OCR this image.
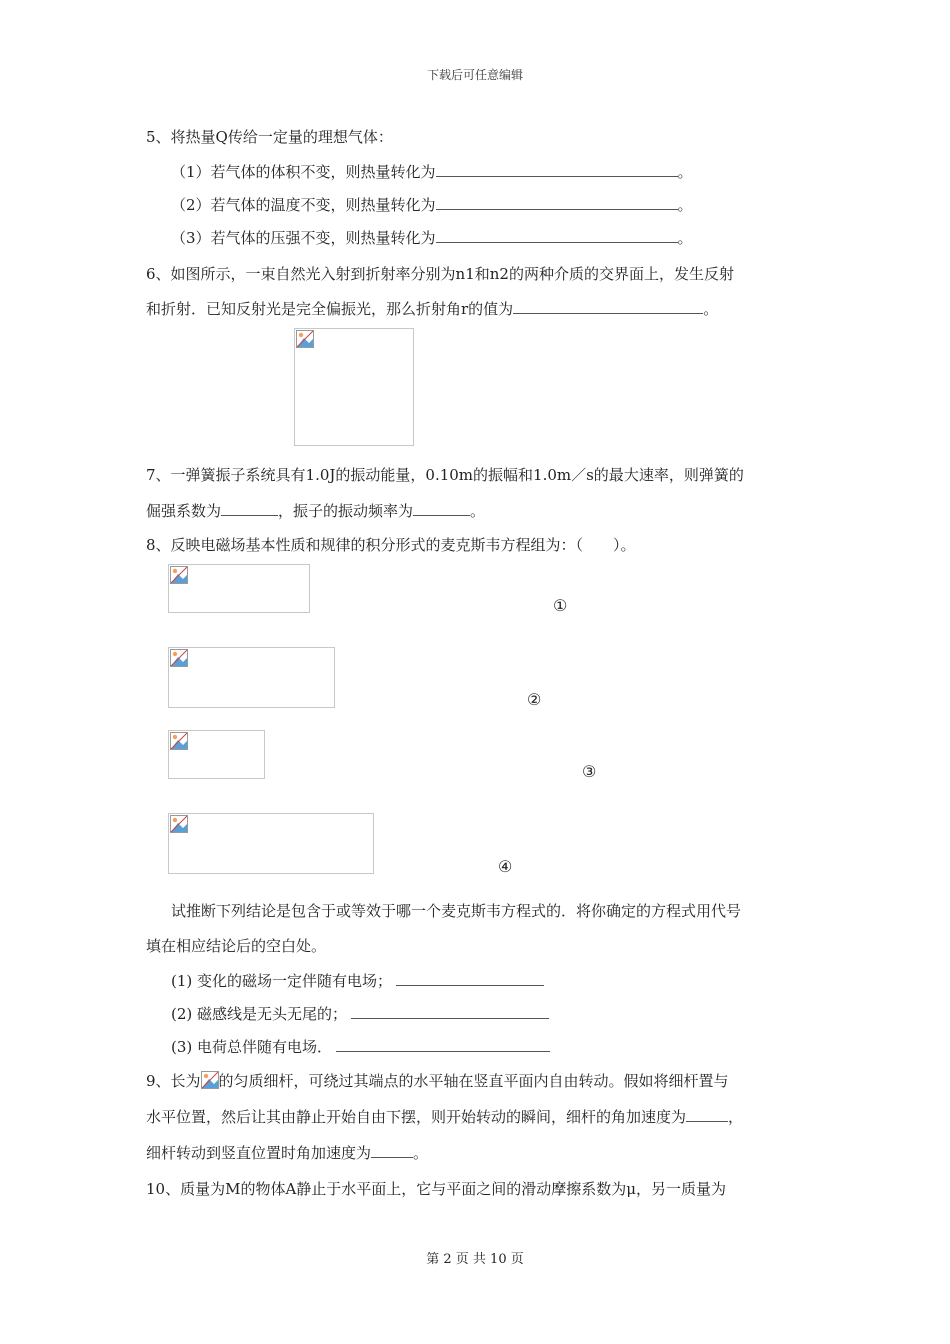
下载后可任意编辑
5、将热量Q传给一定量的理想气体：
（1）若气体的体积不变，则热量转化为	。
（2）若气体的温度不变，则热量转化为	。
（3）若气体的压强不变，则热量转化为	。
6、如图所示，一束自然光入射到折射率分别为n1和n2的两种介质的交界面上，发生反射
和折射．已知反射光是完全偏振光，那么折射角r的值为	。
7、一弹簧振子系统具有1.0J的振动能量，0.10m的振幅和1.0m／s的最大速率，则弹簧的
倔强系数为	，振子的振动频率为	。
8、反映电磁场基本性质和规律的积分形式的麦克斯韦方程组为：（　　）。
①
②
③
④
试推断下列结论是包含于或等效于哪一个麦克斯韦方程式的．将你确定的方程式用代号
填在相应结论后的空白处。
(1) 变化的磁场一定伴随有电场；
(2) 磁感线是无头无尾的；
(3) 电荷总伴随有电场．
9、长为 的匀质细杆，可绕过其端点的水平轴在竖直平面内自由转动。假如将细杆置与
水平位置，然后让其由静止开始自由下摆，则开始转动的瞬间，细杆的角加速度为	，
细杆转动到竖直位置时角加速度为	。
10、质量为M的物体A静止于水平面上，它与平面之间的滑动摩擦系数为μ，另一质量为
第 2 页 共 10 页
